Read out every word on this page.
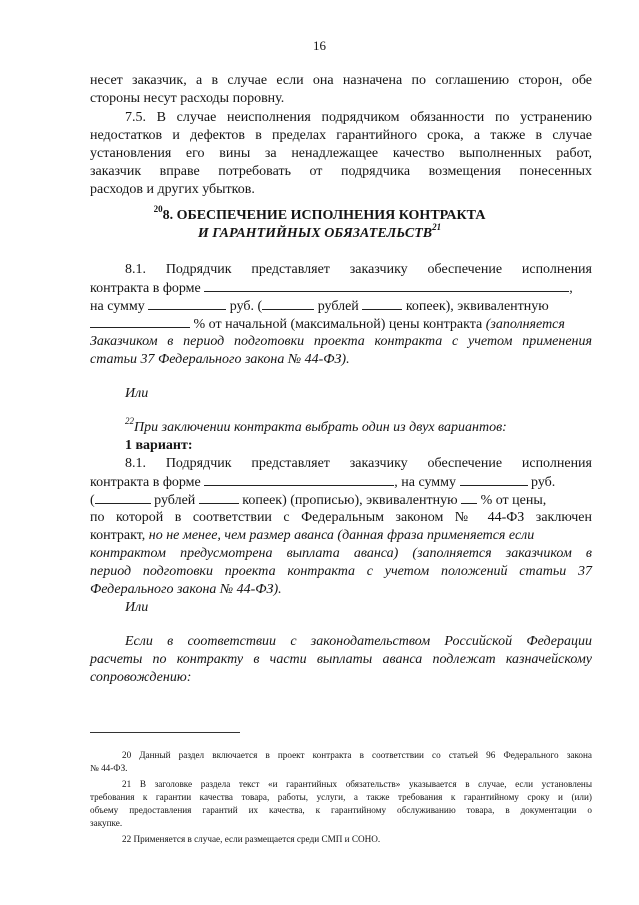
16
несет заказчик, а в случае если она назначена по соглашению сторон, обе
стороны несут расходы поровну.
7.5. В случае неисполнения подрядчиком обязанности по устранению
недостатков и дефектов в пределах гарантийного срока, а также в случае
установления его вины за ненадлежащее качество выполненных работ,
заказчик вправе потребовать от подрядчика возмещения понесенных
расходов и других убытков.
$^{20}$8. ОБЕСПЕЧЕНИЕ ИСПОЛНЕНИЯ КОНТРАКТА
И ГАРАНТИЙНЫХ ОБЯЗАТЕЛЬСТВ$^{21}$
8.1. Подрядчик представляет заказчику обеспечение исполнения
контракта в форме	,
на сумму	руб. (	рублей	копеек), эквивалентную
% от начальной (максимальной) цены контракта (заполняется
Заказчиком в период подготовки проекта контракта с учетом применения
статьи 37 Федерального закона № 44-ФЗ).
Или
$^{22}$При заключении контракта выбрать один из двух вариантов:
1 вариант:
8.1. Подрядчик представляет заказчику обеспечение исполнения
контракта в форме	, на сумму	руб.
(	рублей	копеек) (прописью), эквивалентную % от цены,
по которой в соответствии с Федеральным законом № 44-ФЗ заключен
контракт, но не менее, чем размер аванса (данная фраза применяется если
контрактом предусмотрена выплата аванса) (заполняется заказчиком в
период подготовки проекта контракта с учетом положений статьи 37
Федерального закона № 44-ФЗ).
Или
Если в соответствии с законодательством Российской Федерации
расчеты по контракту в части выплаты аванса подлежат казначейскому
сопровождению:
20 Данный раздел включается в проект контракта в соответствии со статьей 96 Федерального закона
№ 44-ФЗ.
21 В заголовке раздела текст «и гарантийных обязательств» указывается в случае, если установлены
требования к гарантии качества товара, работы, услуги, а также требования к гарантийному сроку и (или)
объему предоставления гарантий их качества, к гарантийному обслуживанию товара, в документации о
закупке.
22 Применяется в случае, если размещается среди СМП и СОНО.
